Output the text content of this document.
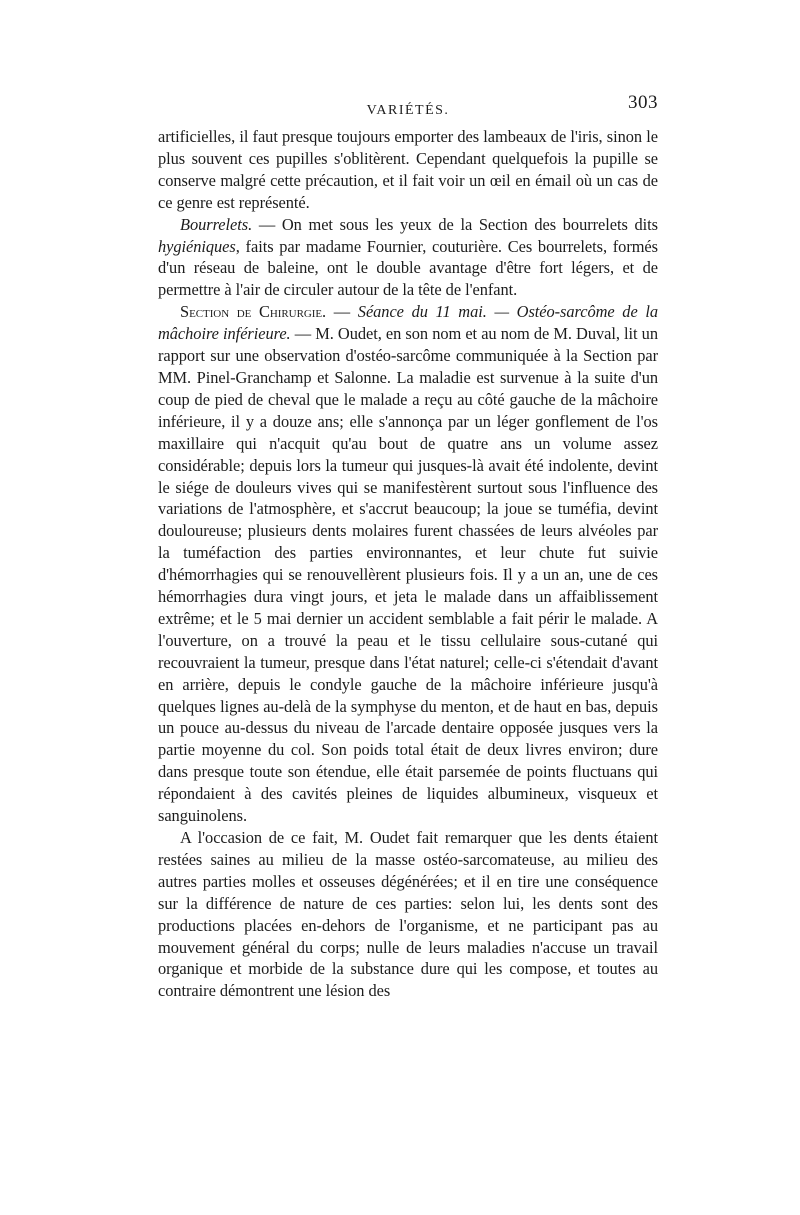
VARIÉTÉS.	303

artificielles, il faut presque toujours emporter des lambeaux de l'iris, sinon le plus souvent ces pupilles s'oblitèrent. Cependant quelquefois la pupille se conserve malgré cette précaution, et il fait voir un œil en émail où un cas de ce genre est représenté.

Bourrelets. — On met sous les yeux de la Section des bourrelets dits hygiéniques, faits par madame Fournier, couturière. Ces bourrelets, formés d'un réseau de baleine, ont le double avantage d'être fort légers, et de permettre à l'air de circuler autour de la tête de l'enfant.

Section de Chirurgie. — Séance du 11 mai. — Ostéo-sarcôme de la mâchoire inférieure. — M. Oudet, en son nom et au nom de M. Duval, lit un rapport sur une observation d'ostéo-sarcôme communiquée à la Section par MM. Pinel-Granchamp et Salonne. La maladie est survenue à la suite d'un coup de pied de cheval que le malade a reçu au côté gauche de la mâchoire inférieure, il y a douze ans; elle s'annonça par un léger gonflement de l'os maxillaire qui n'acquit qu'au bout de quatre ans un volume assez considérable; depuis lors la tumeur qui jusques-là avait été indolente, devint le siége de douleurs vives qui se manifestèrent surtout sous l'influence des variations de l'atmosphère, et s'accrut beaucoup; la joue se tuméfia, devint douloureuse; plusieurs dents molaires furent chassées de leurs alvéoles par la tuméfaction des parties environnantes, et leur chute fut suivie d'hémorrhagies qui se renouvellèrent plusieurs fois. Il y a un an, une de ces hémorrhagies dura vingt jours, et jeta le malade dans un affaiblissement extrême; et le 5 mai dernier un accident semblable a fait périr le malade. A l'ouverture, on a trouvé la peau et le tissu cellulaire sous-cutané qui recouvraient la tumeur, presque dans l'état naturel; celle-ci s'étendait d'avant en arrière, depuis le condyle gauche de la mâchoire inférieure jusqu'à quelques lignes au-delà de la symphyse du menton, et de haut en bas, depuis un pouce au-dessus du niveau de l'arcade dentaire opposée jusques vers la partie moyenne du col. Son poids total était de deux livres environ; dure dans presque toute son étendue, elle était parsemée de points fluctuans qui répondaient à des cavités pleines de liquides albumineux, visqueux et sanguinolens.

A l'occasion de ce fait, M. Oudet fait remarquer que les dents étaient restées saines au milieu de la masse ostéo-sarcomateuse, au milieu des autres parties molles et osseuses dégénérées; et il en tire une conséquence sur la différence de nature de ces parties: selon lui, les dents sont des productions placées en-dehors de l'organisme, et ne participant pas au mouvement général du corps; nulle de leurs maladies n'accuse un travail organique et morbide de la substance dure qui les compose, et toutes au contraire démontrent une lésion des
